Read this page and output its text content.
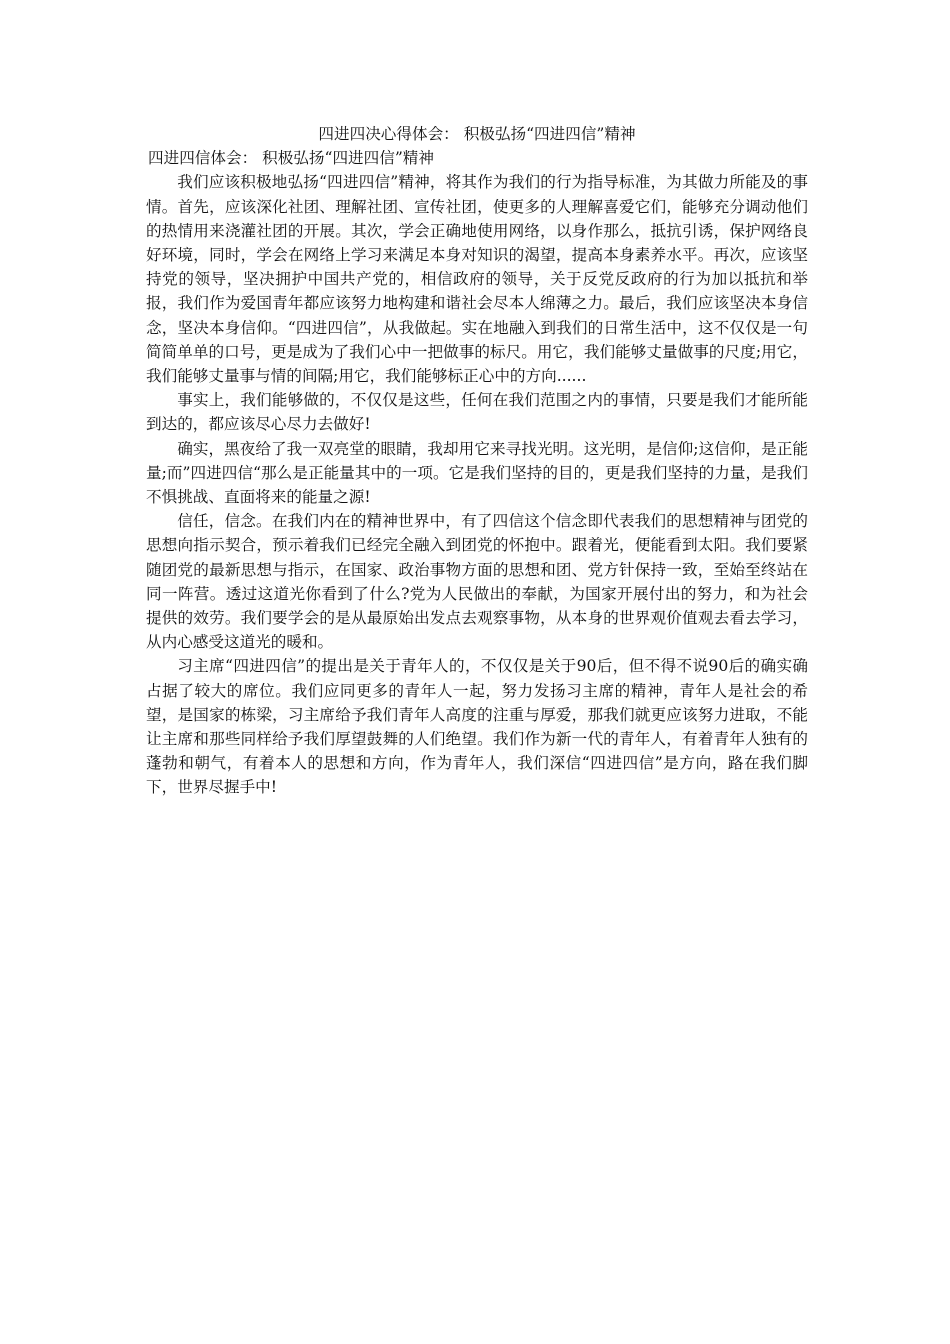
四进四决心得体会： 积极弘扬“四进四信”精神

四进四信体会： 积极弘扬“四进四信”精神

我们应该积极地弘扬“四进四信”精神，将其作为我们的行为指导标准，为其做力所能及的事情。首先，应该深化社团、理解社团、宣传社团，使更多的人理解喜爱它们，能够充分调动他们的热情用来浇灌社团的开展。其次，学会正确地使用网络，以身作那么，抵抗引诱，保护网络良好环境，同时，学会在网络上学习来满足本身对知识的渴望，提高本身素养水平。再次，应该坚持党的领导，坚决拥护中国共产党的，相信政府的领导，关于反党反政府的行为加以抵抗和举报，我们作为爱国青年都应该努力地构建和谐社会尽本人绵薄之力。最后，我们应该坚决本身信念，坚决本身信仰。“四进四信”，从我做起。实在地融入到我们的日常生活中，这不仅仅是一句简简单单的口号，更是成为了我们心中一把做事的标尺。用它，我们能够丈量做事的尺度;用它，我们能够丈量事与情的间隔;用它，我们能够标正心中的方向......

事实上，我们能够做的，不仅仅是这些，任何在我们范围之内的事情，只要是我们才能所能到达的，都应该尽心尽力去做好!

确实，黑夜给了我一双亮堂的眼睛，我却用它来寻找光明。这光明，是信仰;这信仰，是正能量;而”四进四信“那么是正能量其中的一项。它是我们坚持的目的，更是我们坚持的力量，是我们不惧挑战、直面将来的能量之源!

信任，信念。在我们内在的精神世界中，有了四信这个信念即代表我们的思想精神与团党的思想向指示契合，预示着我们已经完全融入到团党的怀抱中。跟着光，便能看到太阳。我们要紧随团党的最新思想与指示，在国家、政治事物方面的思想和团、党方针保持一致，至始至终站在同一阵营。透过这道光你看到了什么?党为人民做出的奉献，为国家开展付出的努力，和为社会提供的效劳。我们要学会的是从最原始出发点去观察事物，从本身的世界观价值观去看去学习，从内心感受这道光的暖和。

习主席“四进四信”的提出是关于青年人的，不仅仅是关于90后，但不得不说90后的确实确占据了较大的席位。我们应同更多的青年人一起，努力发扬习主席的精神，青年人是社会的希望，是国家的栋梁，习主席给予我们青年人高度的注重与厚爱，那我们就更应该努力进取，不能让主席和那些同样给予我们厚望鼓舞的人们绝望。我们作为新一代的青年人，有着青年人独有的蓬勃和朝气，有着本人的思想和方向，作为青年人，我们深信“四进四信”是方向，路在我们脚下，世界尽握手中!
